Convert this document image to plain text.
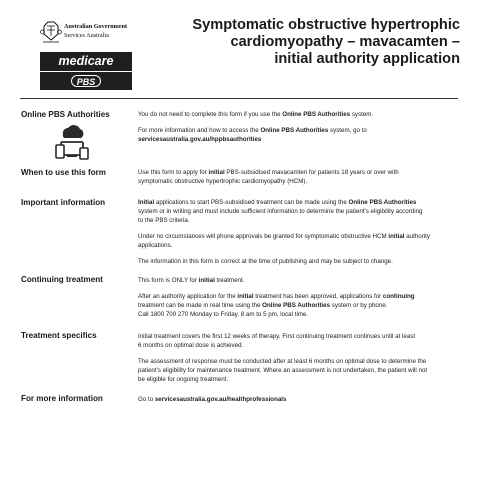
Australian Government
Services Australia
medicare
PBS
Symptomatic obstructive hypertrophic
cardiomyopathy – mavacamten –
initial authority application
Online PBS Authorities	You do not need to complete this form if you use the Online PBS Authorities system.

For more information and how to access the Online PBS Authorities system, go to

servicesaustralia.gov.au/hppbsauthorities

When to use this form	Use this form to apply for initial PBS-subsidised mavacamten for patients 18 years or over with

symptomatic obstructive hypertrophic cardiomyopathy (HCM).

Important information	Initial applications to start PBS-subsidised treatment can be made using the Online PBS Authorities

system or in writing and must include sufficient information to determine the patient's eligibility according

to the PBS criteria.

Under no circumstances will phone approvals be granted for symptomatic obstructive HCM initial authority

applications.

The information in this form is correct at the time of publishing and may be subject to change.

Continuing treatment	This form is ONLY for initial treatment.

After an authority application for the initial treatment has been approved, applications for continuing

treatment can be made in real time using the Online PBS Authorities system or by phone.

Call 1800 700 270 Monday to Friday, 8 am to 5 pm, local time.

Treatment specifics	Initial treatment covers the first 12 weeks of therapy. First continuing treatment continues until at least

6 months on optimal dose is achieved.

The assessment of response must be conducted after at least 6 months on optimal dose to determine the

patient's eligibility for maintenance treatment. Where an assessment is not undertaken, the patient will not

be eligible for ongoing treatment.

For more information	Go to servicesaustralia.gov.au/healthprofessionals
